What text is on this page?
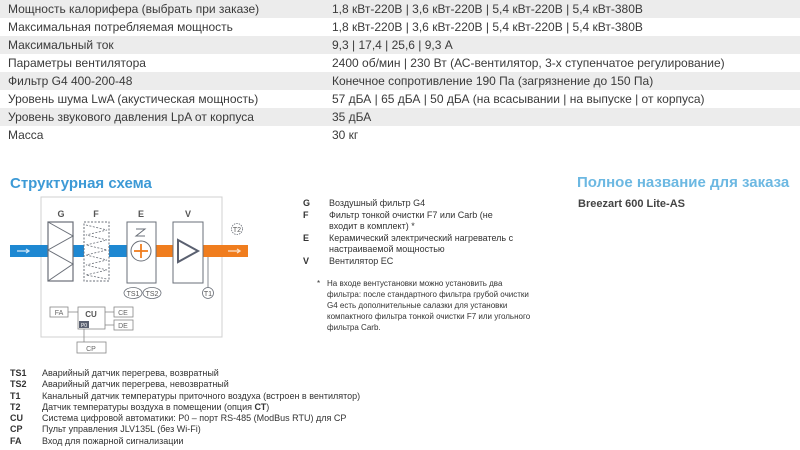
Мощность калорифера (выбрать при заказе)	1,8 кВт-220В | 3,6 кВт-220В | 5,4 кВт-220В | 5,4 кВт-380В
Максимальная потребляемая мощность	1,8 кВт-220В | 3,6 кВт-220В | 5,4 кВт-220В | 5,4 кВт-380В
Максимальный ток	9,3 | 17,4 | 25,6 | 9,3 А
Параметры вентилятора	2400 об/мин | 230 Вт (АС-вентилятор, 3-х ступенчатое регулирование)
Фильтр G4 400-200-48	Конечное сопротивление 190 Па (загрязнение до 150 Па)
Уровень шума LwA (акустическая мощность)	57 дБА | 65 дБА | 50 дБА (на всасывании | на выпуске | от корпуса)
Уровень звукового давления LpA от корпуса	35 дБА
Масса	30 кг
Структурная схема	Полное название для заказа
Breezart 600 Lite-AS
G	F	E	V
TS1 TS2	T1
T2
FA	CU
P0
CE
DE
CP
G	Воздушный фильтр G4
F	Фильтр тонкой очистки F7 или Carb (не входит в комплект) *
E	Керамический электрический нагреватель с настраиваемой мощностью
V	Вентилятор ЕС
* На входе вентустановки можно установить два фильтра: после стандартного фильтра грубой очистки G4 есть дополнительные салазки для установки компактного фильтра тонкой очистки F7 или угольного фильтра Carb.
TS1	Аварийный датчик перегрева, возвратный
TS2	Аварийный датчик перегрева, невозвратный
T1	Канальный датчик температуры приточного воздуха (встроен в вентилятор)
T2	Датчик температуры воздуха в помещении (опция СТ)
CU	Система цифровой автоматики: Р0 – порт RS-485 (ModBus RTU) для CP
CP	Пульт управления JLV135L (без Wi-Fi)
FA	Вход для пожарной сигнализации
